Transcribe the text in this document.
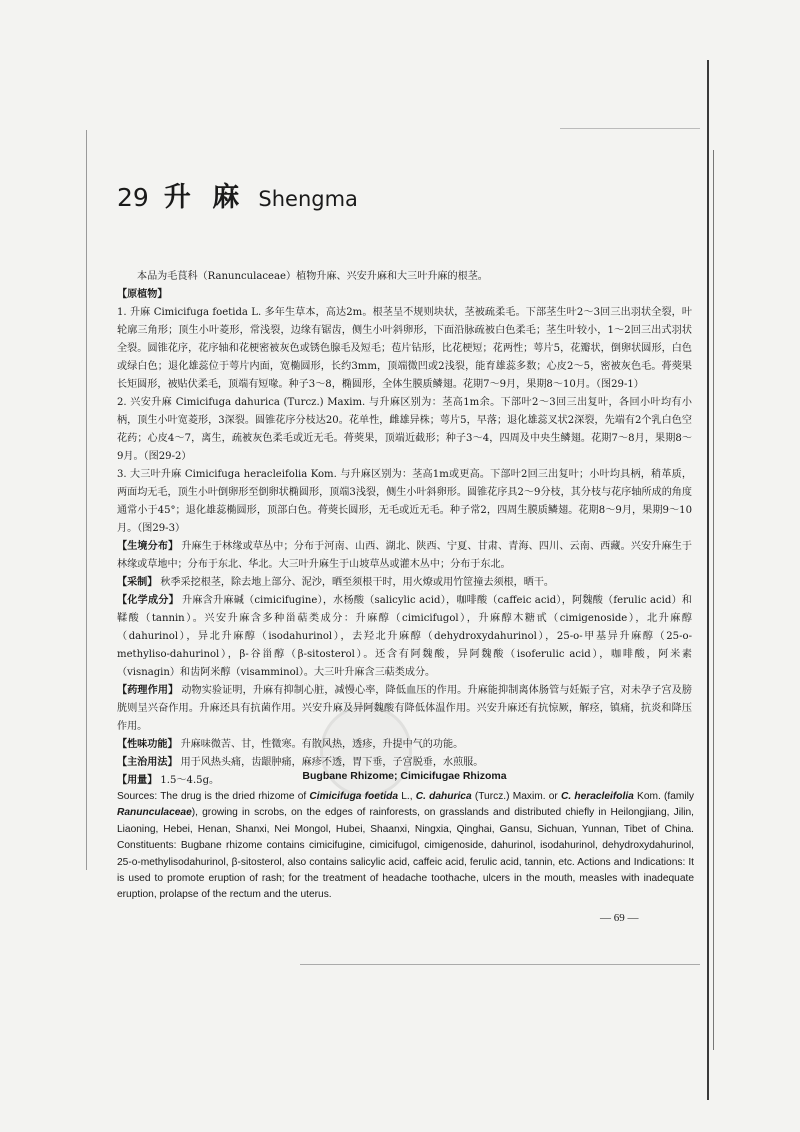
29 升 麻 Shengma

本品为毛茛科（Ranunculaceae）植物升麻、兴安升麻和大三叶升麻的根茎。

【原植物】

1. 升麻 Cimicifuga foetida L. 多年生草本，高达2m。根茎呈不规则块状，茎被疏柔毛。下部茎生叶2～3回三出羽状全裂，叶轮廓三角形；顶生小叶菱形，常浅裂，边缘有锯齿，侧生小叶斜卵形，下面沿脉疏被白色柔毛；茎生叶较小，1～2回三出式羽状全裂。圆锥花序，花序轴和花梗密被灰色或锈色腺毛及短毛；苞片钻形，比花梗短；花两性；萼片5，花瓣状，倒卵状圆形，白色或绿白色；退化雄蕊位于萼片内面，宽椭圆形，长约3mm，顶端微凹或2浅裂，能育雄蕊多数；心皮2～5，密被灰色毛。蓇葖果长矩圆形，被贴伏柔毛，顶端有短喙。种子3～8，椭圆形，全体生膜质鳞翅。花期7～9月，果期8～10月。（图29-1）

2. 兴安升麻 Cimicifuga dahurica (Turcz.) Maxim. 与升麻区别为：茎高1m余。下部叶2～3回三出复叶，各回小叶均有小柄，顶生小叶宽菱形，3深裂。圆锥花序分枝达20。花单性，雌雄异株；萼片5，早落；退化雄蕊叉状2深裂，先端有2个乳白色空花药；心皮4～7，离生，疏被灰色柔毛或近无毛。蓇葖果，顶端近截形；种子3～4，四周及中央生鳞翅。花期7～8月，果期8～9月。（图29-2）

3. 大三叶升麻 Cimicifuga heracleifolia Kom. 与升麻区别为：茎高1m或更高。下部叶2回三出复叶；小叶均具柄，稍革质，两面均无毛，顶生小叶倒卵形至倒卵状椭圆形，顶端3浅裂，侧生小叶斜卵形。圆锥花序具2～9分枝，其分枝与花序轴所成的角度通常小于45°；退化雄蕊椭圆形，顶部白色。蓇葖长圆形，无毛或近无毛。种子常2，四周生膜质鳞翅。花期8～9月，果期9～10月。（图29-3）

【生境分布】 升麻生于林缘或草丛中；分布于河南、山西、湖北、陕西、宁夏、甘肃、青海、四川、云南、西藏。兴安升麻生于林缘或草地中；分布于东北、华北。大三叶升麻生于山坡草丛或灌木丛中；分布于东北。

【采制】 秋季采挖根茎，除去地上部分、泥沙，晒至须根干时，用火燎或用竹筐撞去须根，晒干。

【化学成分】 升麻含升麻碱（cimicifugine），水杨酸（salicylic acid），咖啡酸（caffeic acid），阿魏酸（ferulic acid）和鞣酸（tannin）。兴安升麻含多种甾萜类成分：升麻醇（cimicifugol），升麻醇木糖甙（cimigenoside），北升麻醇（dahurinol），异北升麻醇（isodahurinol），去羟北升麻醇（dehydroxydahurinol），25-o-甲基异升麻醇（25-o-methyliso-dahurinol），β-谷甾醇（β-sitosterol）。还含有阿魏酸，异阿魏酸（isoferulic acid），咖啡酸，阿米素（visnagin）和齿阿米醇（visamminol）。大三叶升麻含三萜类成分。

【药理作用】 动物实验证明，升麻有抑制心脏，减慢心率，降低血压的作用。升麻能抑制离体肠管与妊娠子宫，对未孕子宫及膀胱则呈兴奋作用。升麻还具有抗菌作用。兴安升麻及异阿魏酸有降低体温作用。兴安升麻还有抗惊厥，解痉，镇痛，抗炎和降压作用。

【性味功能】 升麻味微苦、甘，性微寒。有散风热，透疹，升提中气的功能。

【主治用法】 用于风热头痛，齿龈肿痛，麻疹不透，胃下垂，子宫脱垂，水煎服。

【用量】 1.5～4.5g。	Bugbane Rhizome; Cimicifugae Rhizoma
Sources: The drug is the dried rhizome of Cimicifuga foetida L., C. dahurica (Turcz.) Maxim. or C. heracleifolia Kom. (family Ranunculaceae), growing in scrobs, on the edges of rainforests, on grasslands and distributed chiefly in Heilongjiang, Jilin, Liaoning, Hebei, Henan, Shanxi, Nei Mongol, Hubei, Shaanxi, Ningxia, Qinghai, Gansu, Sichuan, Yunnan, Tibet of China. Constituents: Bugbane rhizome contains cimicifugine, cimicifugol, cimigenoside, dahurinol, isodahurinol, dehydroxydahurinol, 25-o-methylisodahurinol, β-sitosterol, also contains salicylic acid, caffeic acid, ferulic acid, tannin, etc. Actions and Indications: It is used to promote eruption of rash; for the treatment of headache toothache, ulcers in the mouth, measles with inadequate eruption, prolapse of the rectum and the uterus.
— 69 —
